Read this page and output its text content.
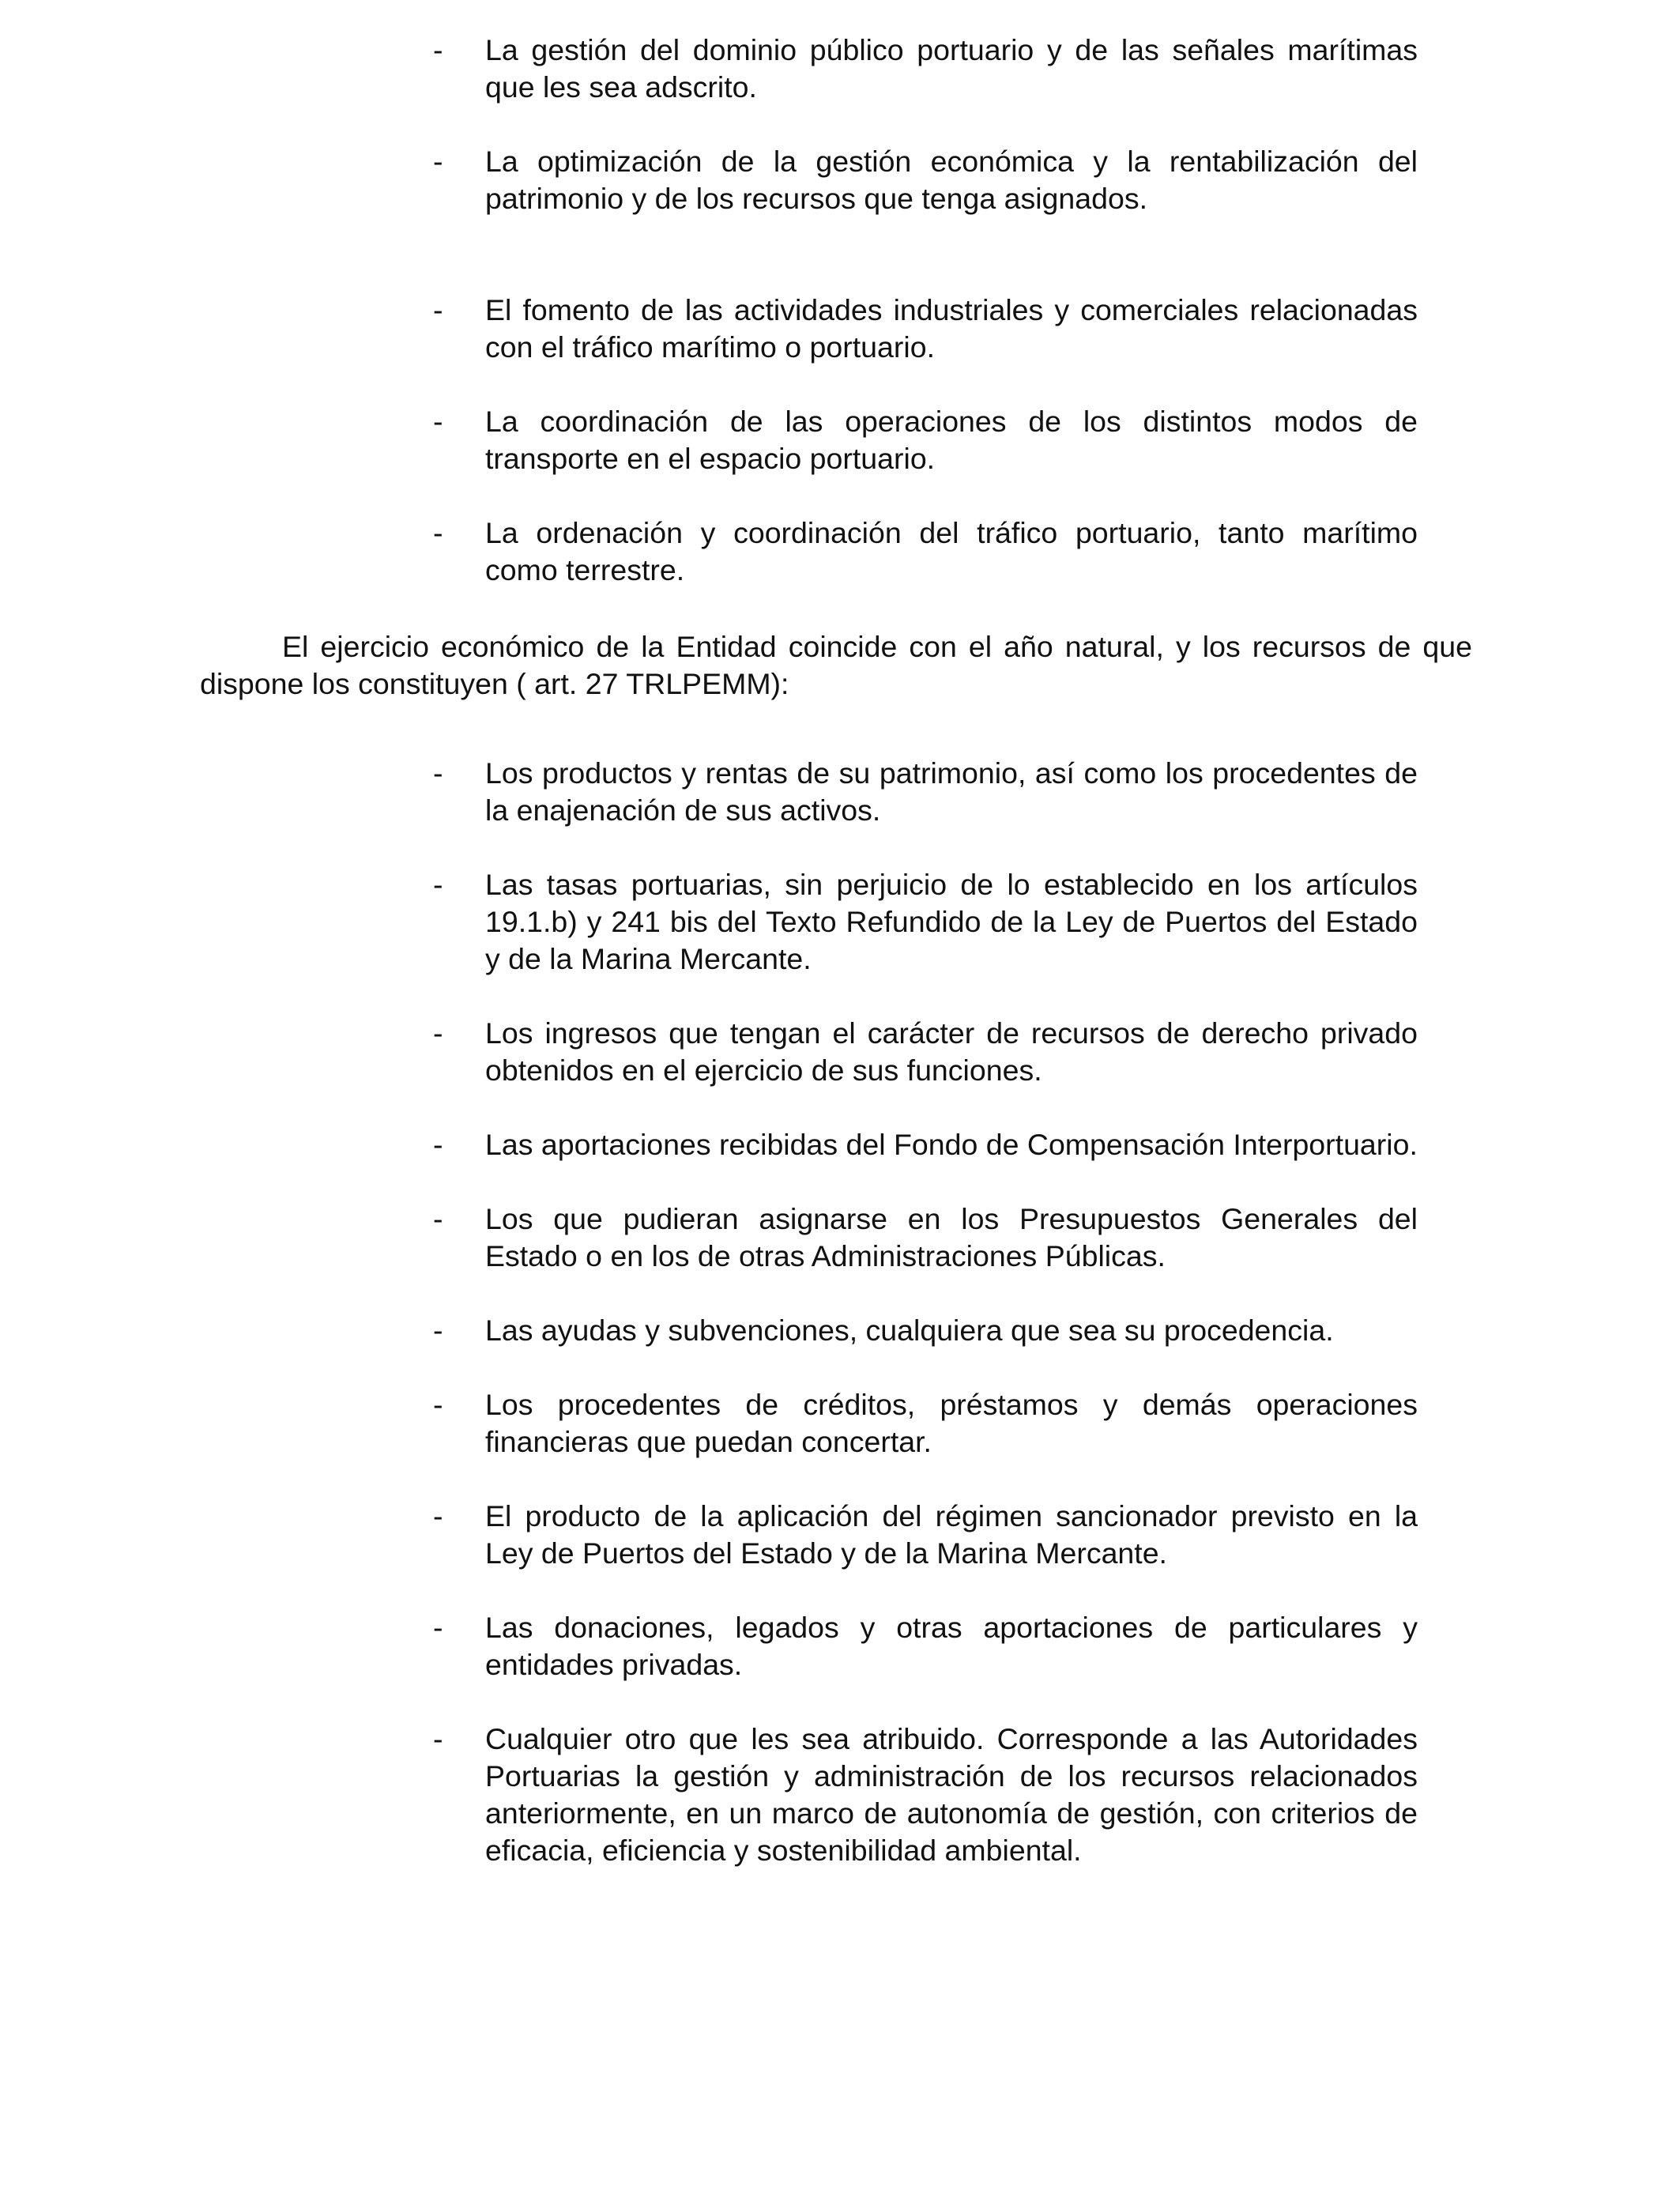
- La gestión del dominio público portuario y de las señales marítimas que les sea adscrito.
- La optimización de la gestión económica y la rentabilización del patrimonio y de los recursos que tenga asignados.
- El fomento de las actividades industriales y comerciales relacionadas con el tráfico marítimo o portuario.
- La coordinación de las operaciones de los distintos modos de transporte en el espacio portuario.
- La ordenación y coordinación del tráfico portuario, tanto marítimo como terrestre.

El ejercicio económico de la Entidad coincide con el año natural, y los recursos de que dispone los constituyen ( art. 27 TRLPEMM):

- Los productos y rentas de su patrimonio, así como los procedentes de la enajenación de sus activos.
- Las tasas portuarias, sin perjuicio de lo establecido en los artículos 19.1.b) y 241 bis del Texto Refundido de la Ley de Puertos del Estado y de la Marina Mercante.
- Los ingresos que tengan el carácter de recursos de derecho privado obtenidos en el ejercicio de sus funciones.
- Las aportaciones recibidas del Fondo de Compensación Interportuario.
- Los que pudieran asignarse en los Presupuestos Generales del Estado o en los de otras Administraciones Públicas.
- Las ayudas y subvenciones, cualquiera que sea su procedencia.
- Los procedentes de créditos, préstamos y demás operaciones financieras que puedan concertar.
- El producto de la aplicación del régimen sancionador previsto en la Ley de Puertos del Estado y de la Marina Mercante.
- Las donaciones, legados y otras aportaciones de particulares y entidades privadas.
- Cualquier otro que les sea atribuido. Corresponde a las Autoridades Portuarias la gestión y administración de los recursos relacionados anteriormente, en un marco de autonomía de gestión, con criterios de eficacia, eficiencia y sostenibilidad ambiental.
